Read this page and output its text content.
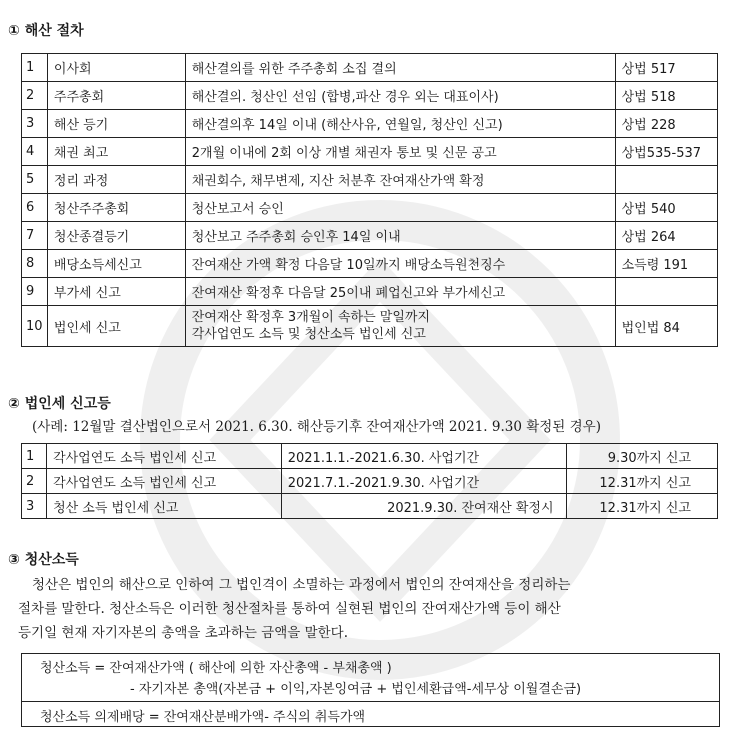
① 해산 절차
1	이사회	해산결의를 위한 주주총회 소집 결의	상법 517
2	주주총회	해산결의. 청산인 선임 (합병,파산 경우 외는 대표이사)	상법 518
3	해산 등기	해산결의후 14일 이내 (해산사유, 연월일, 청산인 신고)	상법 228
4	채권 최고	2개월 이내에 2회 이상 개별 채권자 통보 및 신문 공고	상법535-537
5	정리 과정	채권회수, 채무변제, 지산 처분후 잔여재산가액 확정	
6	청산주주총회	청산보고서 승인	상법 540
7	청산종결등기	청산보고 주주총회 승인후 14일 이내	상법 264
8	배당소득세신고	잔여재산 가액 확정 다음달 10일까지 배당소득원천징수	소득령 191
9	부가세 신고	잔여재산 확정후 다음달 25이내 폐업신고와 부가세신고	
10	법인세 신고	잔여재산 확정후 3개월이 속하는 말일까지
각사업연도 소득 및 청산소득 법인세 신고	법인법 84
② 법인세 신고등
(사례: 12월말 결산법인으로서 2021. 6.30. 해산등기후 잔여재산가액 2021. 9.30 확정된 경우)
1	각사업연도 소득 법인세 신고	2021.1.1.-2021.6.30. 사업기간	9.30까지 신고
2	각사업연도 소득 법인세 신고	2021.7.1.-2021.9.30. 사업기간	12.31까지 신고
3	청산 소득 법인세 신고	2021.9.30. 잔여재산 확정시	12.31까지 신고
③ 청산소득
청산은 법인의 해산으로 인하여 그 법인격이 소멸하는 과정에서 법인의 잔여재산을 정리하는
절차를 말한다. 청산소득은 이러한 청산절차를 통하여 실현된 법인의 잔여재산가액 등이 해산
등기일 현재 자기자본의 총액을 초과하는 금액을 말한다.
청산소득 = 잔여재산가액 ( 해산에 의한 자산총액 - 부채총액 )
- 자기자본 총액(자본금 + 이익,자본잉여금 + 법인세환급액-세무상 이월결손금)
청산소득 의제배당 = 잔여재산분배가액- 주식의 취득가액
